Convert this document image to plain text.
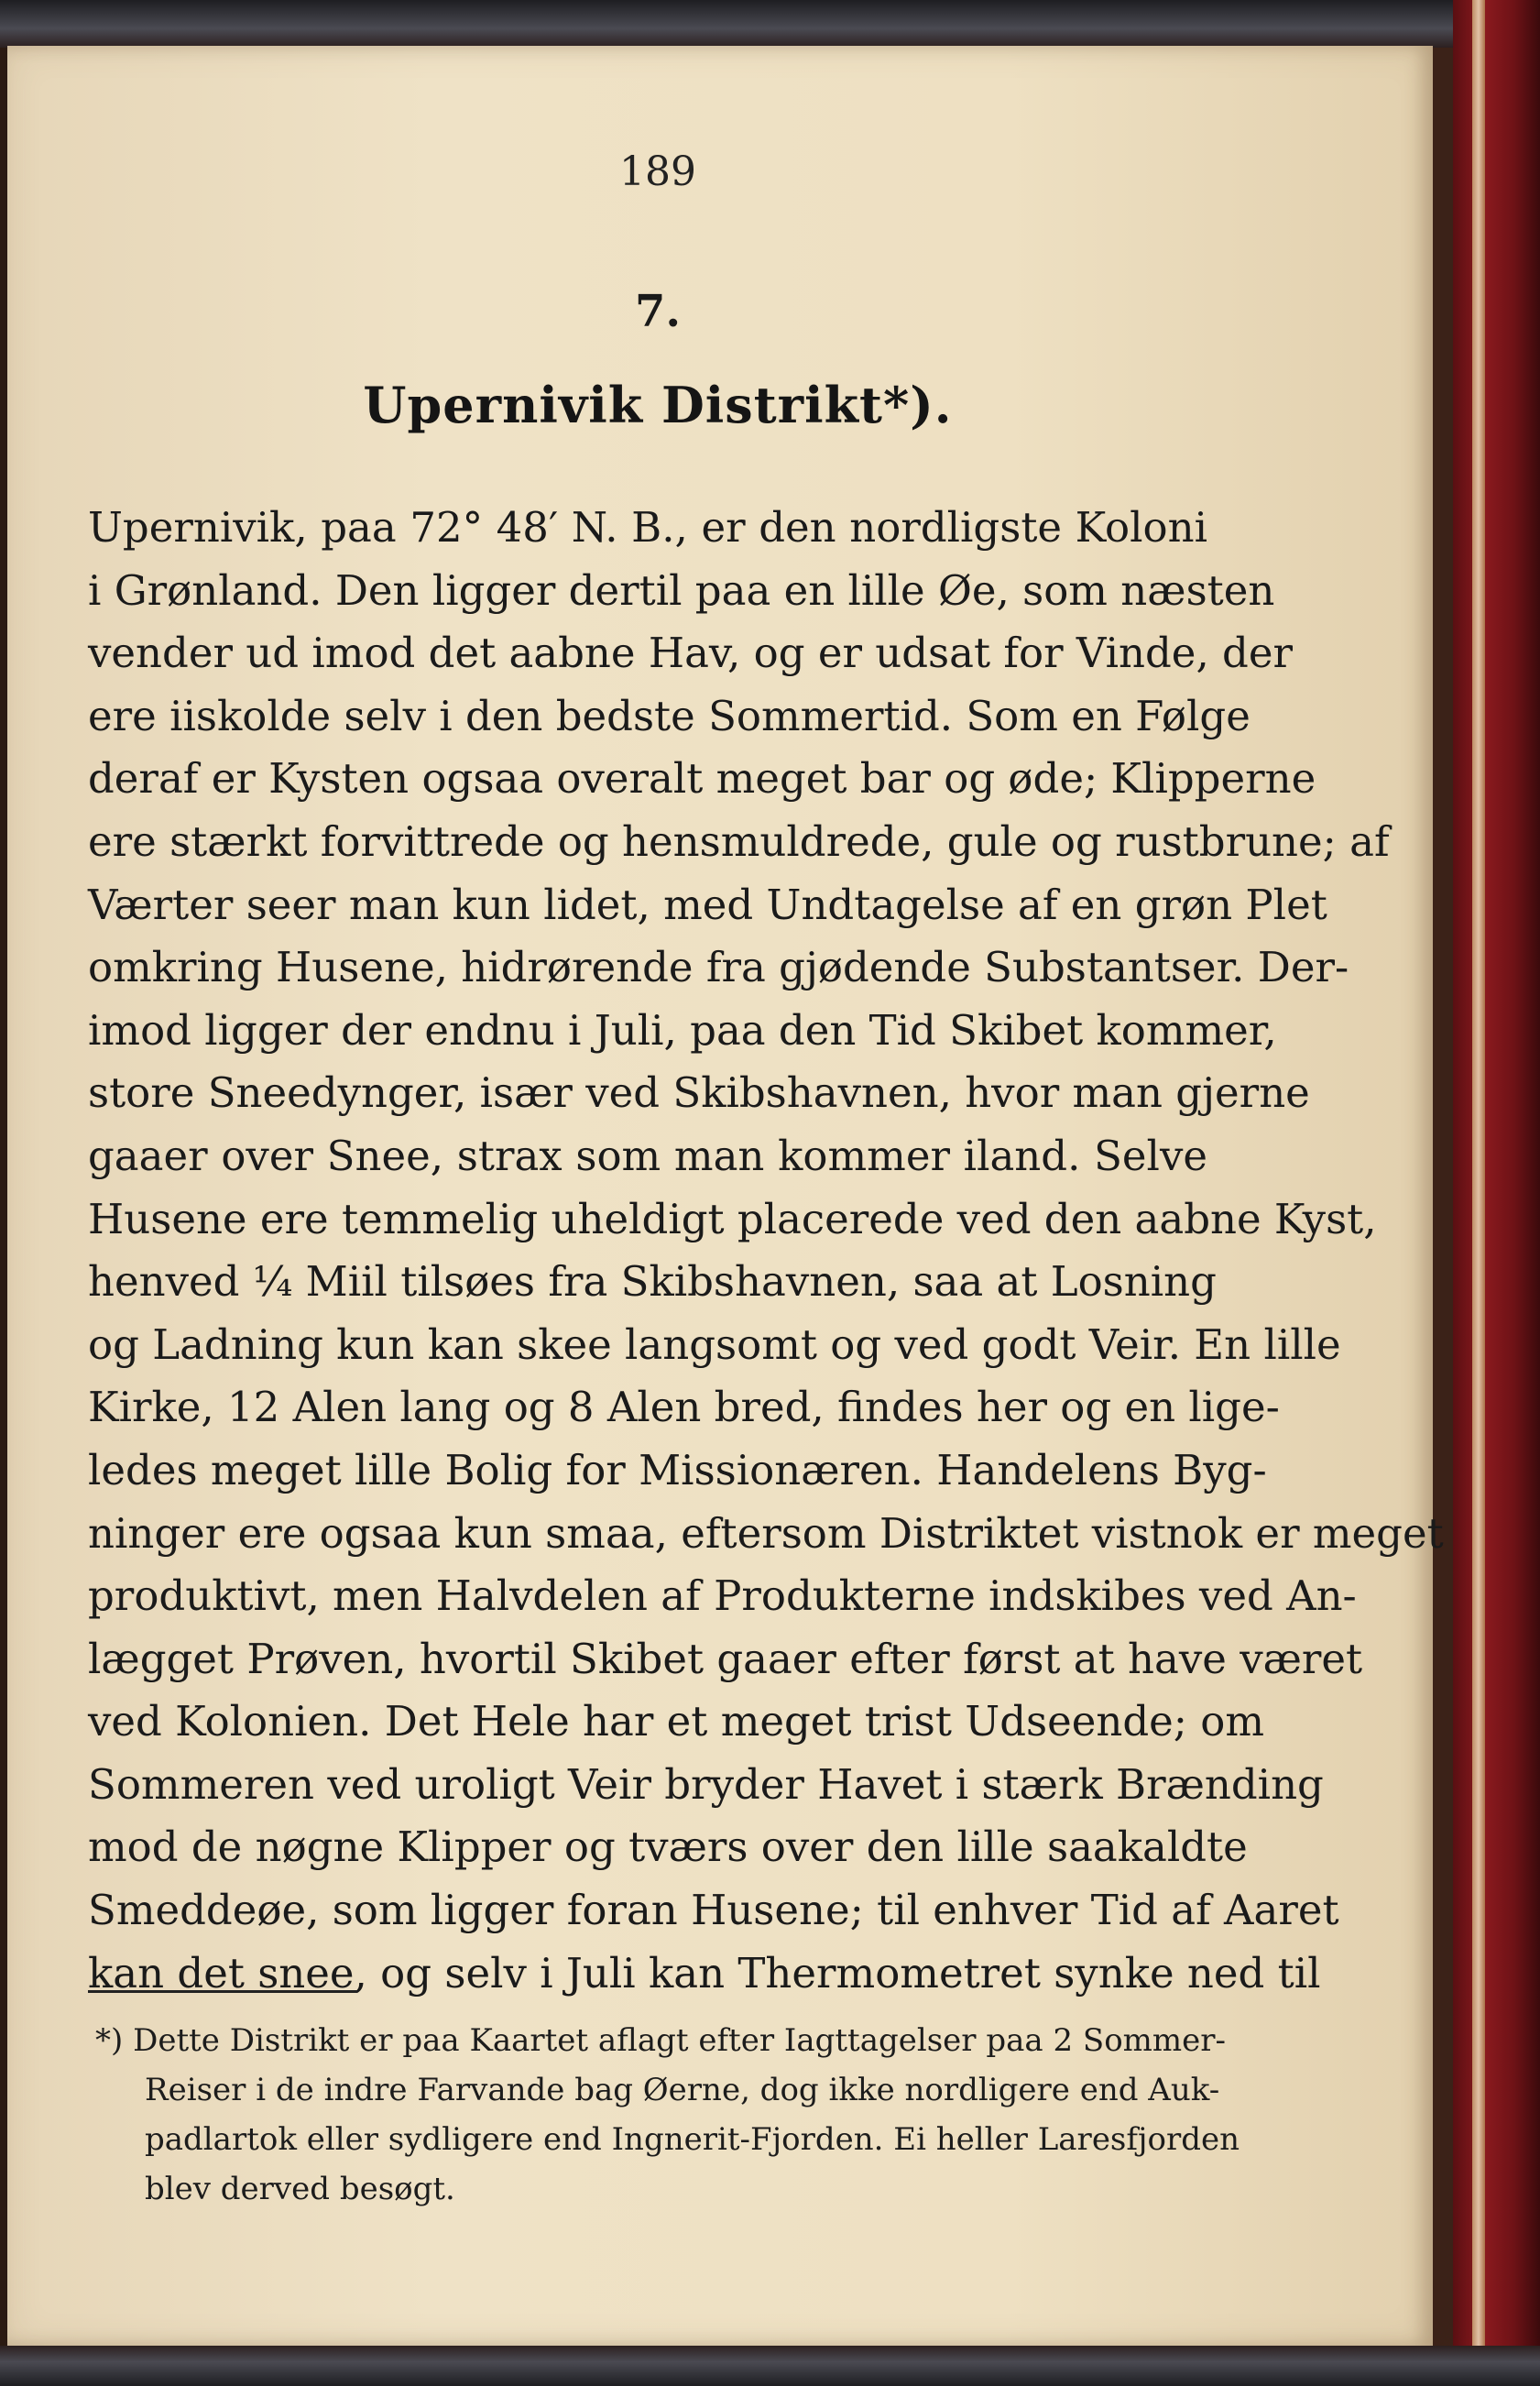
189
7.
Upernivik Distrikt*).

Upernivik, paa 72° 48′ N. B., er den nordligste Koloni
i Grønland. Den ligger dertil paa en lille Øe, som næsten
vender ud imod det aabne Hav, og er udsat for Vinde, der
ere iiskolde selv i den bedste Sommertid. Som en Følge
deraf er Kysten ogsaa overalt meget bar og øde; Klipperne
ere stærkt forvittrede og hensmuldrede, gule og rustbrune; af
Værter seer man kun lidet, med Undtagelse af en grøn Plet
omkring Husene, hidrørende fra gjødende Substantser. Der-
imod ligger der endnu i Juli, paa den Tid Skibet kommer,
store Sneedynger, især ved Skibshavnen, hvor man gjerne
gaaer over Snee, strax som man kommer iland. Selve
Husene ere temmelig uheldigt placerede ved den aabne Kyst,
henved ¼ Miil tilsøes fra Skibshavnen, saa at Losning
og Ladning kun kan skee langsomt og ved godt Veir. En lille
Kirke, 12 Alen lang og 8 Alen bred, findes her og en lige-
ledes meget lille Bolig for Missionæren. Handelens Byg-
ninger ere ogsaa kun smaa, eftersom Distriktet vistnok er meget
produktivt, men Halvdelen af Produkterne indskibes ved An-
lægget Prøven, hvortil Skibet gaaer efter først at have været
ved Kolonien. Det Hele har et meget trist Udseende; om
Sommeren ved uroligt Veir bryder Havet i stærk Brænding
mod de nøgne Klipper og tværs over den lille saakaldte
Smeddeøe, som ligger foran Husene; til enhver Tid af Aaret
kan det snee, og selv i Juli kan Thermometret synke ned til

*) Dette Distrikt er paa Kaartet aflagt efter Iagttagelser paa 2 Sommer-
Reiser i de indre Farvande bag Øerne, dog ikke nordligere end Auk-
padlartok eller sydligere end Ingnerit-Fjorden. Ei heller Laresfjorden
blev derved besøgt.
